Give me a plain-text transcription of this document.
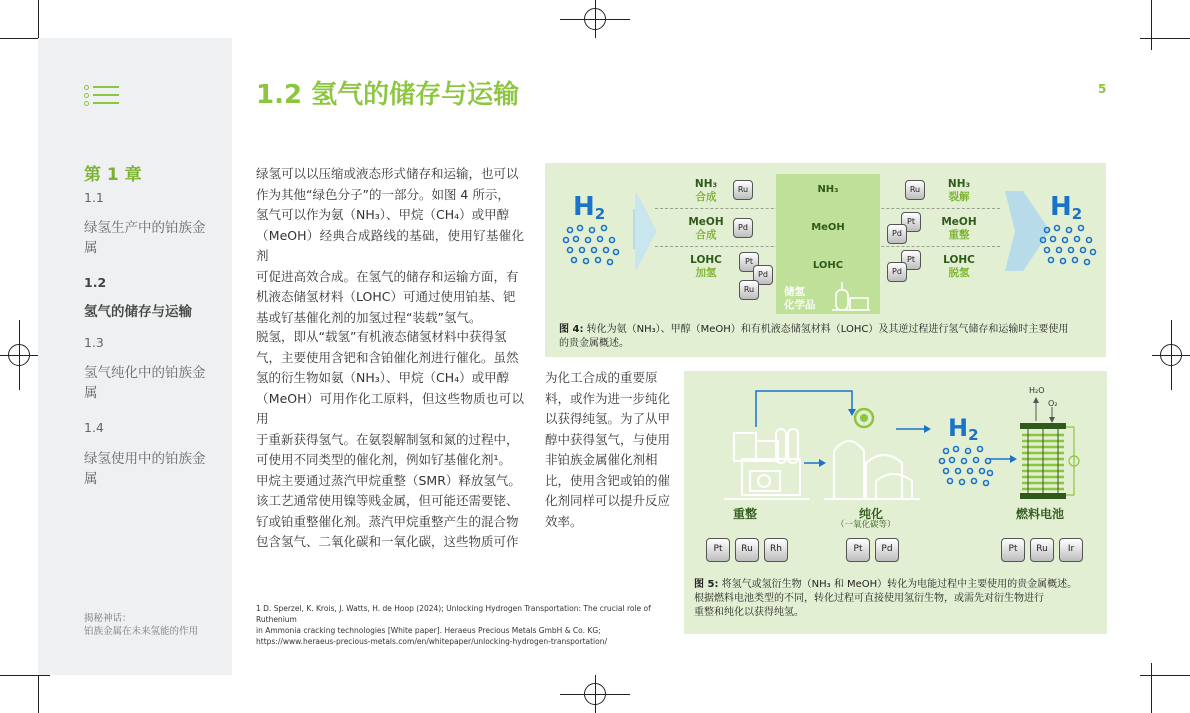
第 1 章
1.1
绿氢生产中的铂族金属
1.2
氢气的储存与运输
1.3
氢气纯化中的铂族金属
1.4
绿氢使用中的铂族金属
揭秘神话：
铂族金属在未来氢能的作用
1.2 氢气的储存与运输	5
绿氢可以以压缩或液态形式储存和运输，也可以
作为其他“绿色分子”的一部分。如图 4 所示，
氢气可以作为氨（NH₃）、甲烷（CH₄）或甲醇
（MeOH）经典合成路线的基础，使用钌基催化剂
可促进高效合成。在氢气的储存和运输方面，有
机液态储氢材料（LOHC）可通过使用铂基、钯
基或钌基催化剂的加氢过程“装载”氢气。
脱氢，即从“载氢”有机液态储氢材料中获得氢
气，主要使用含钯和含铂催化剂进行催化。虽然
氢的衍生物如氨（NH₃）、甲烷（CH₄）或甲醇
（MeOH）可用作化工原料，但这些物质也可以用
于重新获得氢气。在氨裂解制氢和氮的过程中，
可使用不同类型的催化剂，例如钌基催化剂¹。
甲烷主要通过蒸汽甲烷重整（SMR）释放氢气。
该工艺通常使用镍等贱金属，但可能还需要铑、
钌或铂重整催化剂。蒸汽甲烷重整产生的混合物
包含氢气、二氧化碳和一氧化碳，这些物质可作
为化工合成的重要原
料，或作为进一步纯化
以获得纯氢。为了从甲
醇中获得氢气，与使用
非铂族金属催化剂相
比，使用含钯或铂的催
化剂同样可以提升反应
效率。
1 D. Sperzel, K. Krois, J. Watts, H. de Hoop (2024); Unlocking Hydrogen Transportation: The crucial role of Ruthenium
in Ammonia cracking technologies [White paper]. Heraeus Precious Metals GmbH & Co. KG;
https://www.heraeus-precious-metals.com/en/whitepaper/unlocking-hydrogen-transportation/
$H_2$	$H_2$
NH₃
MeOH
LOHC
储氢
化学品
NH₃
合成
MeOH
合成
LOHC
加氢
NH₃
裂解
MeOH
重整
LOHC
脱氢
Ru
Pd
Pt
Pd
Ru
Ru
Pt
Pd
Pt
Pd
图 4: 转化为氨（NH₃）、甲醇（MeOH）和有机液态储氢材料（LOHC）及其逆过程进行氢气储存和运输时主要使用
的贵金属概述。
H₂O
O₂
$H_2$
重整	纯化
（一氧化碳等）
燃料电池
Pt	Ru	Rh	Pt	Pd	Pt	Ru	Ir
图 5: 将氢气或氢衍生物（NH₃ 和 MeOH）转化为电能过程中主要使用的贵金属概述。
根据燃料电池类型的不同，转化过程可直接使用氢衍生物，或需先对衍生物进行
重整和纯化以获得纯氢。
